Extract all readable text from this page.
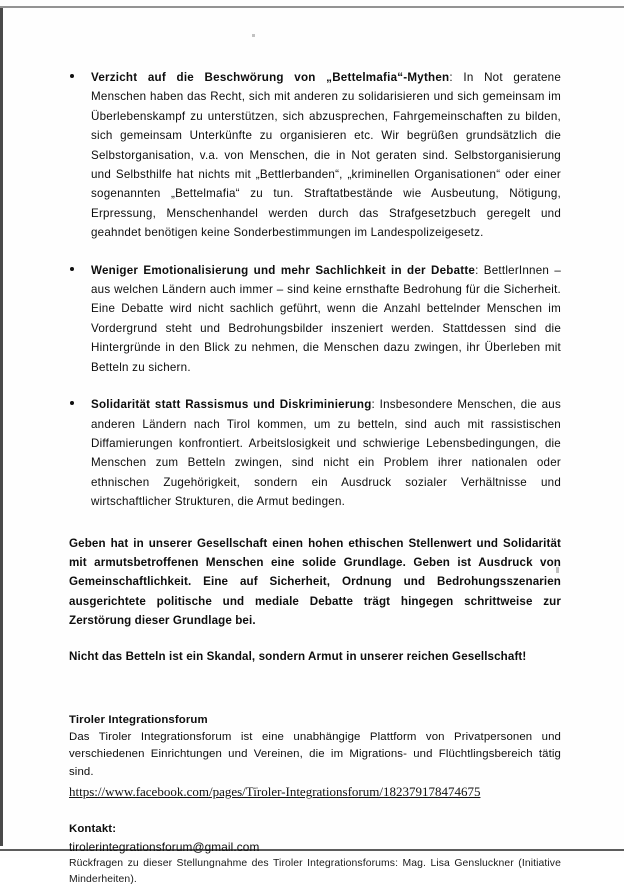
Verzicht auf die Beschwörung von „Bettelmafia“-Mythen: In Not geratene Menschen haben das Recht, sich mit anderen zu solidarisieren und sich gemeinsam im Überlebenskampf zu unterstützen, sich abzusprechen, Fahrgemeinschaften zu bilden, sich gemeinsam Unterkünfte zu organisieren etc. Wir begrüßen grundsätzlich die Selbstorganisation, v.a. von Menschen, die in Not geraten sind. Selbstorganisierung und Selbsthilfe hat nichts mit „Bettlerbanden“, „kriminellen Organisationen“ oder einer sogenannten „Bettelmafia“ zu tun. Straftatbestände wie Ausbeutung, Nötigung, Erpressung, Menschenhandel werden durch das Strafgesetzbuch geregelt und geahndet benötigen keine Sonderbestimmungen im Landespolizeigesetz.
Weniger Emotionalisierung und mehr Sachlichkeit in der Debatte: BettlerInnen – aus welchen Ländern auch immer – sind keine ernsthafte Bedrohung für die Sicherheit. Eine Debatte wird nicht sachlich geführt, wenn die Anzahl bettelnder Menschen im Vordergrund steht und Bedrohungsbilder inszeniert werden. Stattdessen sind die Hintergründe in den Blick zu nehmen, die Menschen dazu zwingen, ihr Überleben mit Betteln zu sichern.
Solidarität statt Rassismus und Diskriminierung: Insbesondere Menschen, die aus anderen Ländern nach Tirol kommen, um zu betteln, sind auch mit rassistischen Diffamierungen konfrontiert. Arbeitslosigkeit und schwierige Lebensbedingungen, die Menschen zum Betteln zwingen, sind nicht ein Problem ihrer nationalen oder ethnischen Zugehörigkeit, sondern ein Ausdruck sozialer Verhältnisse und wirtschaftlicher Strukturen, die Armut bedingen.

Geben hat in unserer Gesellschaft einen hohen ethischen Stellenwert und Solidarität mit armutsbetroffenen Menschen eine solide Grundlage. Geben ist Ausdruck von Gemeinschaftlichkeit. Eine auf Sicherheit, Ordnung und Bedrohungsszenarien ausgerichtete politische und mediale Debatte trägt hingegen schrittweise zur Zerstörung dieser Grundlage bei.

Nicht das Betteln ist ein Skandal, sondern Armut in unserer reichen Gesellschaft!

Tiroler Integrationsforum
Das Tiroler Integrationsforum ist eine unabhängige Plattform von Privatpersonen und verschiedenen Einrichtungen und Vereinen, die im Migrations- und Flüchtlingsbereich tätig sind.
https://www.facebook.com/pages/Tiroler-Integrationsforum/182379178474675
Kontakt:
tirolerintegrationsforum@gmail.com
Rückfragen zu dieser Stellungnahme des Tiroler Integrationsforums: Mag. Lisa Gensluckner (Initiative Minderheiten).
